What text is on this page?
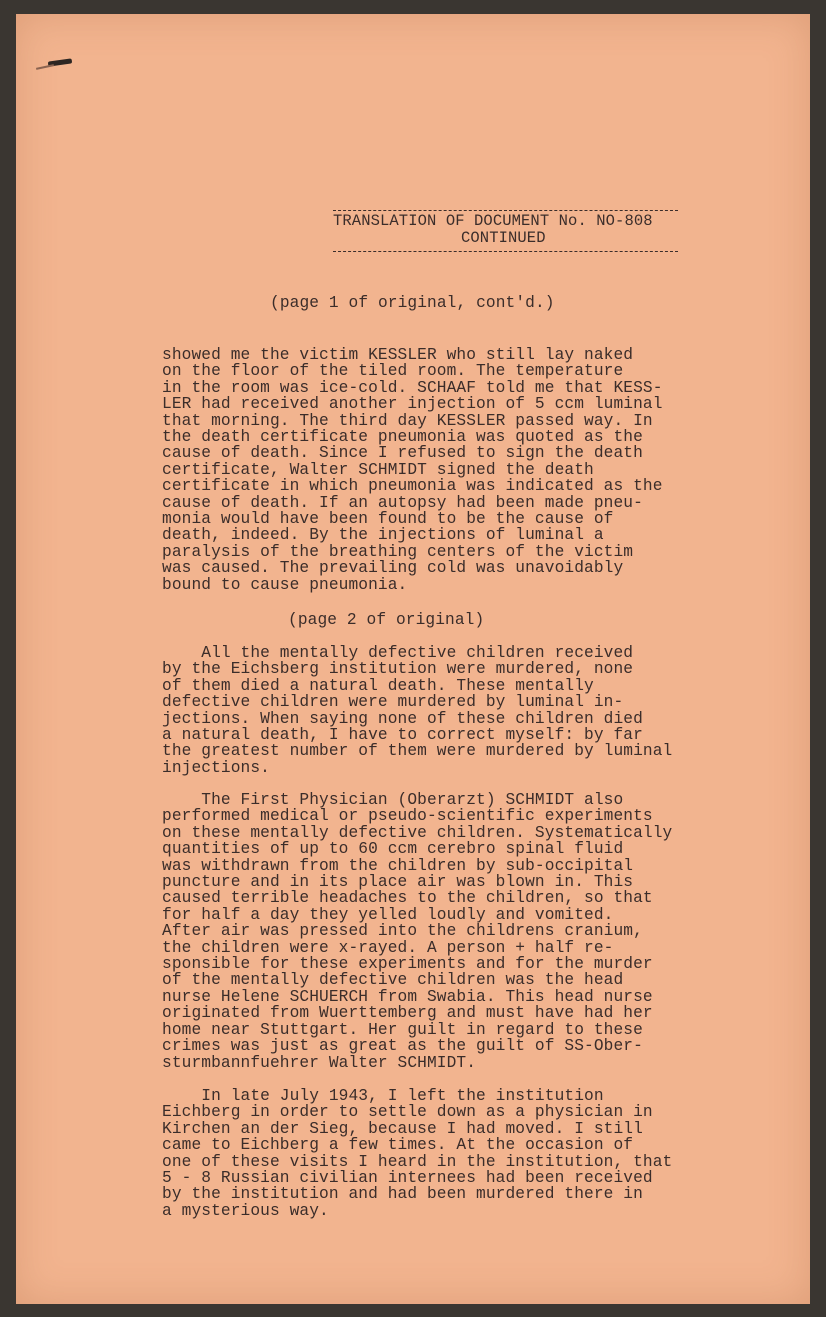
TRANSLATION OF DOCUMENT No. NO-808
CONTINUED
(page 1 of original, cont'd.)
showed me the victim KESSLER who still lay naked
on the floor of the tiled room. The temperature
in the room was ice-cold. SCHAAF told me that KESS-
LER had received another injection of 5 ccm luminal
that morning. The third day KESSLER passed way. In
the death certificate pneumonia was quoted as the
cause of death. Since I refused to sign the death
certificate, Walter SCHMIDT signed the death
certificate in which pneumonia was indicated as the
cause of death. If an autopsy had been made pneu-
monia would have been found to be the cause of
death, indeed. By the injections of luminal a
paralysis of the breathing centers of the victim
was caused. The prevailing cold was unavoidably
bound to cause pneumonia.
(page 2 of original)
All the mentally defective children received
by the Eichsberg institution were murdered, none
of them died a natural death. These mentally
defective children were murdered by luminal in-
jections. When saying none of these children died
a natural death, I have to correct myself: by far
the greatest number of them were murdered by luminal
injections.
The First Physician (Oberarzt) SCHMIDT also
performed medical or pseudo-scientific experiments
on these mentally defective children. Systematically
quantities of up to 60 ccm cerebro spinal fluid
was withdrawn from the children by sub-occipital
puncture and in its place air was blown in. This
caused terrible headaches to the children, so that
for half a day they yelled loudly and vomited.
After air was pressed into the childrens cranium,
the children were x-rayed. A person + half re-
sponsible for these experiments and for the murder
of the mentally defective children was the head
nurse Helene SCHUERCH from Swabia. This head nurse
originated from Wuerttemberg and must have had her
home near Stuttgart. Her guilt in regard to these
crimes was just as great as the guilt of SS-Ober-
sturmbannfuehrer Walter SCHMIDT.
In late July 1943, I left the institution
Eichberg in order to settle down as a physician in
Kirchen an der Sieg, because I had moved. I still
came to Eichberg a few times. At the occasion of
one of these visits I heard in the institution, that
5 - 8 Russian civilian internees had been received
by the institution and had been murdered there in
a mysterious way.
